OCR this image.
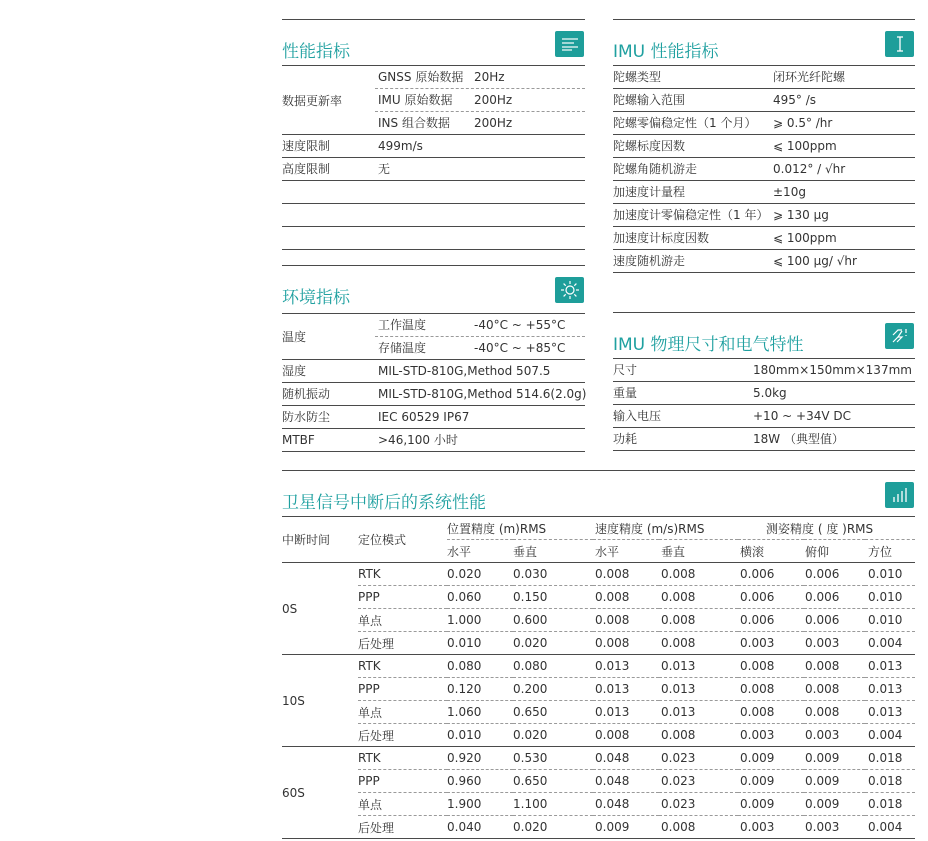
性能指标
数据更新率
GNSS 原始数据 20Hz
IMU 原始数据 200Hz
INS 组合数据 200Hz
速度限制	499m/s
高度限制	无
IMU 性能指标
陀螺类型	闭环光纤陀螺
陀螺输入范围	495° /s
陀螺零偏稳定性（1 个月） ⩾ 0.5° /hr
陀螺标度因数	⩽ 100ppm
陀螺角随机游走	0.012° / √hr
加速度计量程	±10g
加速度计零偏稳定性（1 年） ⩾ 130 μg
加速度计标度因数	⩽ 100ppm
速度随机游走	⩽ 100 μg/ √hr
环境指标
温度
工作温度	-40°C ~ +55°C
存储温度	-40°C ~ +85°C
湿度	MIL-STD-810G,Method 507.5
随机振动	MIL-STD-810G,Method 514.6(2.0g)
防水防尘	IEC 60529 IP67
MTBF	>46,100 小时
IMU 物理尺寸和电气特性
尺寸	180mm×150mm×137mm
重量	5.0kg
输入电压	+10 ~ +34V DC
功耗	18W （典型值）
卫星信号中断后的系统性能
中断时间	定位模式	位置精度 (m)RMS		速度精度 (m/s)RMS		测姿精度 ( 度 )RMS		
		水平	垂直	水平	垂直	横滚	俯仰	方位
0S	RTK	0.020	0.030	0.008	0.008	0.006	0.006	0.010
	PPP	0.060	0.150	0.008	0.008	0.006	0.006	0.010
	单点	1.000	0.600	0.008	0.008	0.006	0.006	0.010
	后处理	0.010	0.020	0.008	0.008	0.003	0.003	0.004
10S	RTK	0.080	0.080	0.013	0.013	0.008	0.008	0.013
	PPP	0.120	0.200	0.013	0.013	0.008	0.008	0.013
	单点	1.060	0.650	0.013	0.013	0.008	0.008	0.013
	后处理	0.010	0.020	0.008	0.008	0.003	0.003	0.004
60S	RTK	0.920	0.530	0.048	0.023	0.009	0.009	0.018
	PPP	0.960	0.650	0.048	0.023	0.009	0.009	0.018
	单点	1.900	1.100	0.048	0.023	0.009	0.009	0.018
	后处理	0.040	0.020	0.009	0.008	0.003	0.003	0.004
